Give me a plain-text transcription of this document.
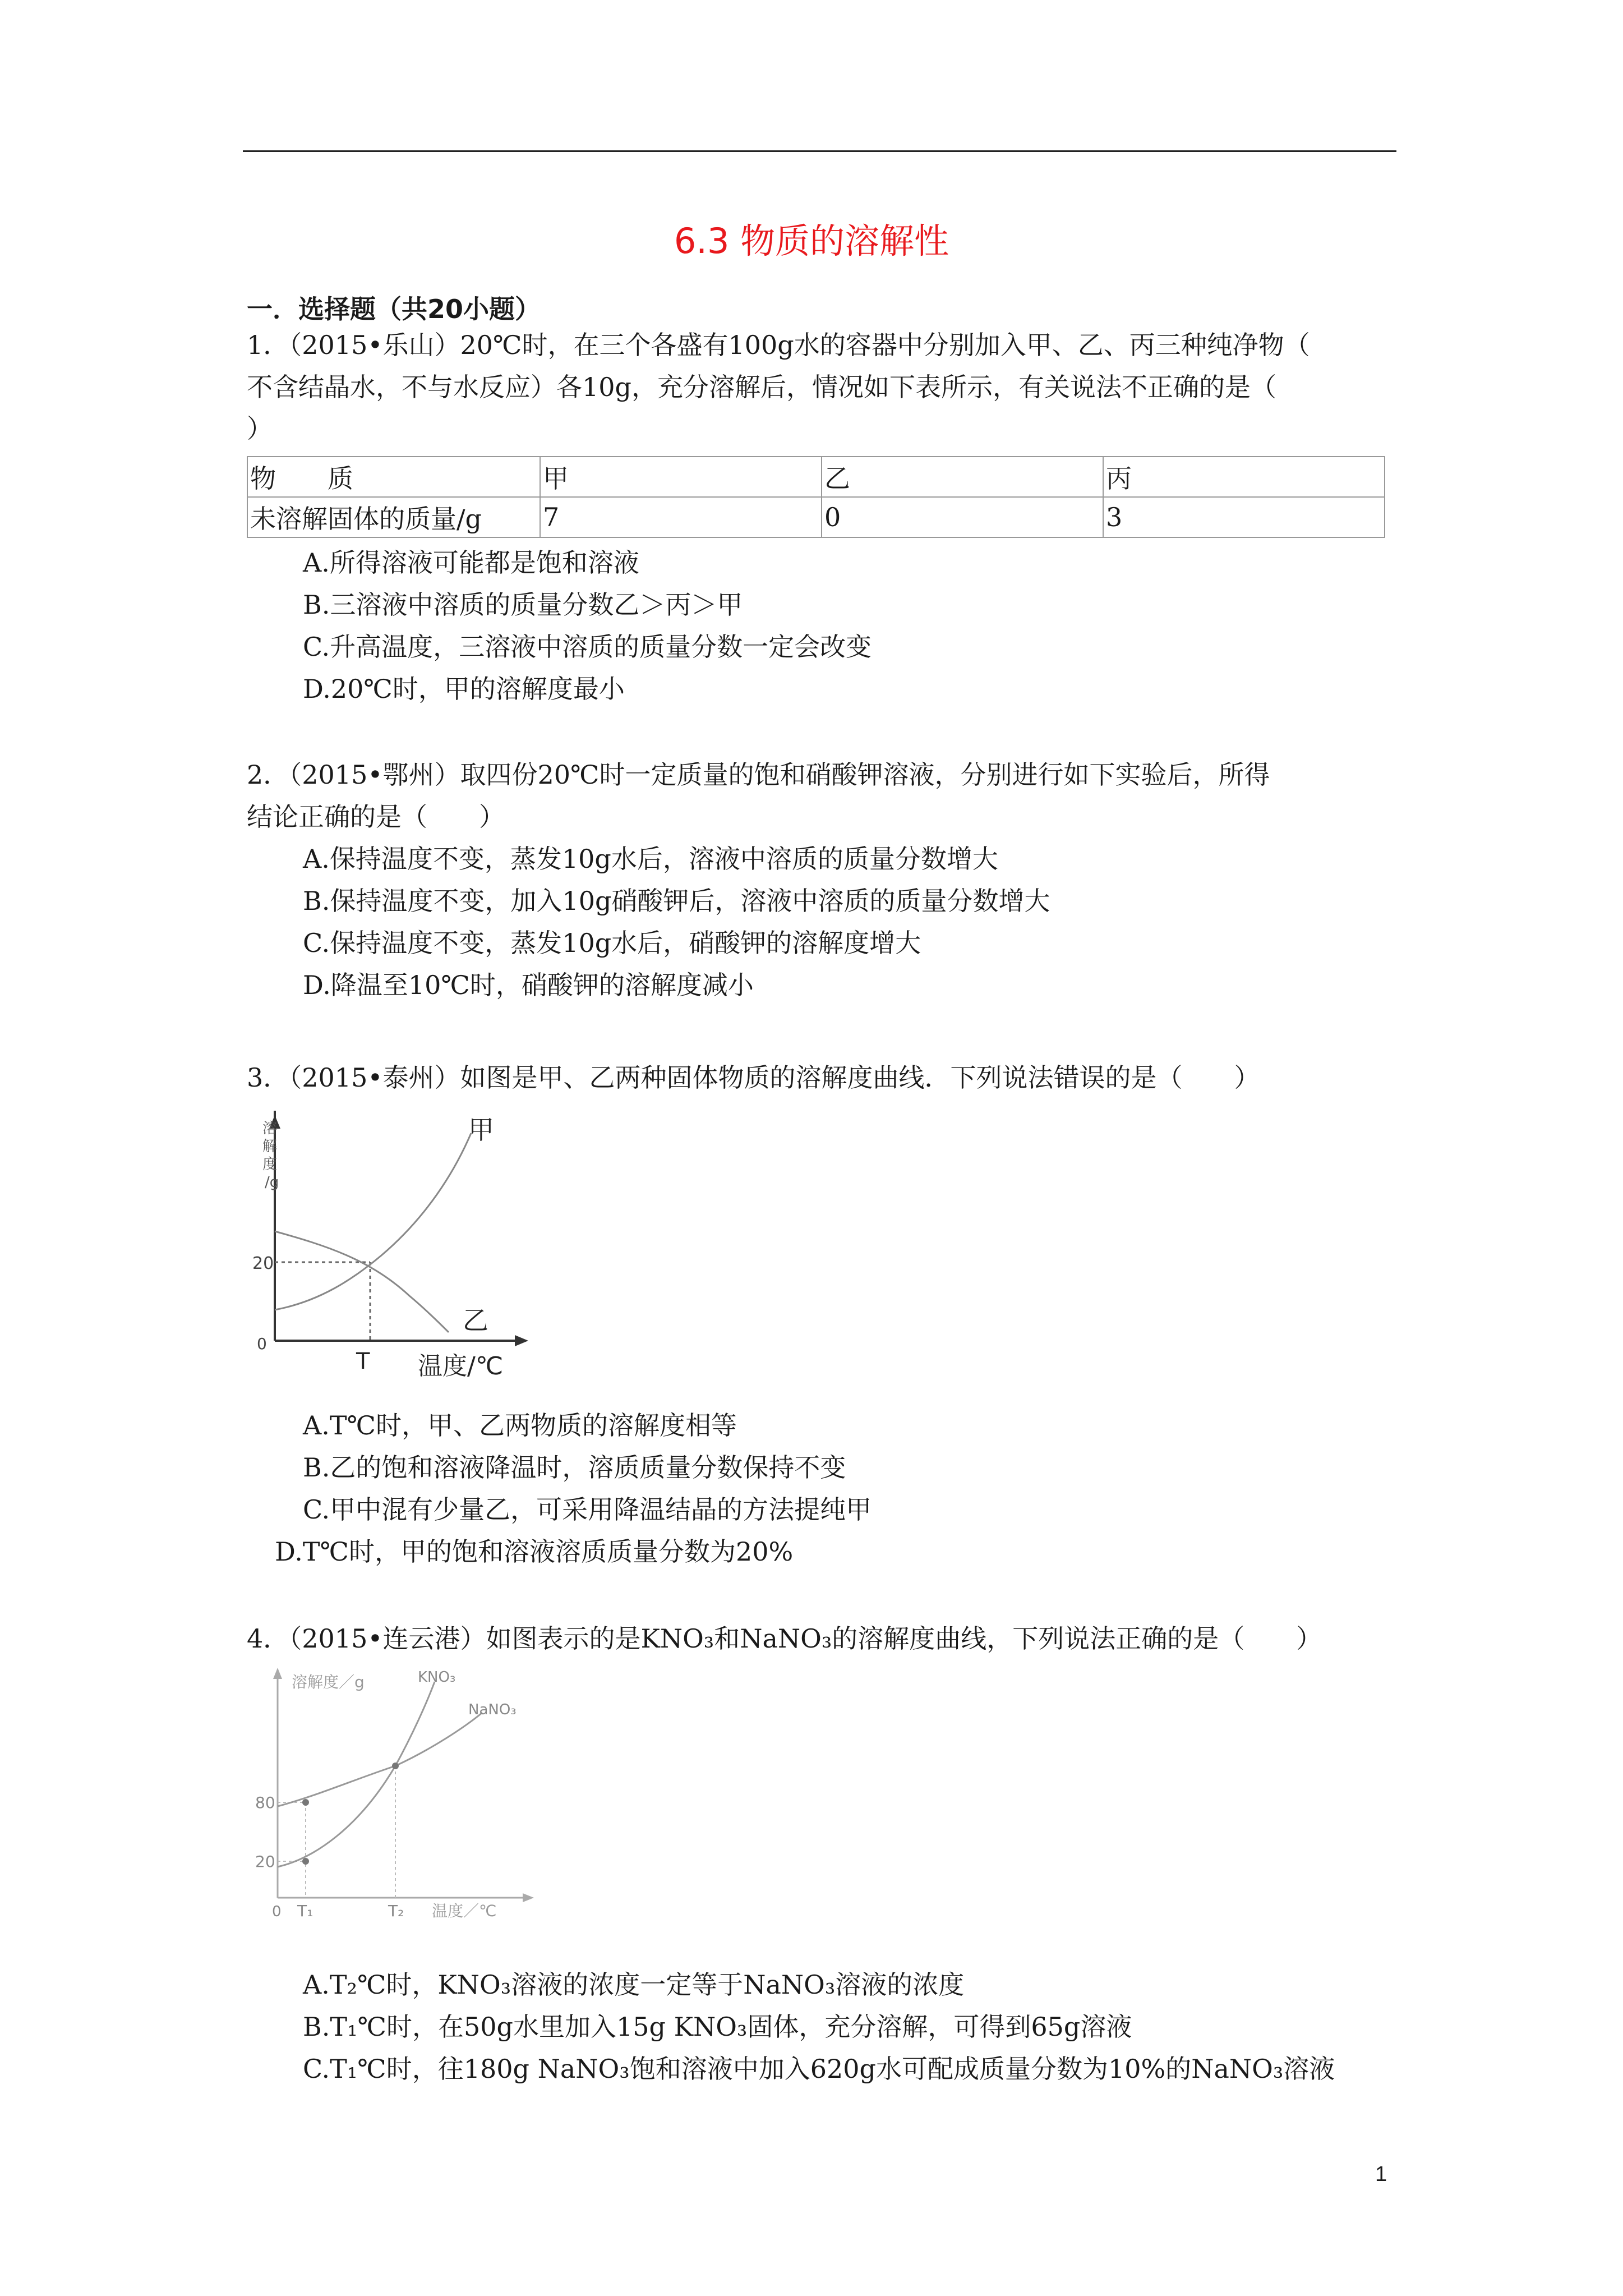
6.3 物质的溶解性
一．选择题（共20小题）
1．（2015•乐山）20℃时，在三个各盛有100g水的容器中分别加入甲、乙、丙三种纯净物（
不含结晶水，不与水反应）各10g，充分溶解后，情况如下表所示，有关说法不正确的是（
）
物　　质	甲	乙	丙
未溶解固体的质量/g	7	0	3
A.所得溶液可能都是饱和溶液
B.三溶液中溶质的质量分数乙＞丙＞甲
C.升高温度，三溶液中溶质的质量分数一定会改变
D.20℃时，甲的溶解度最小
2．（2015•鄂州）取四份20℃时一定质量的饱和硝酸钾溶液，分别进行如下实验后，所得
结论正确的是（　　）
A.保持温度不变，蒸发10g水后，溶液中溶质的质量分数增大
B.保持温度不变，加入10g硝酸钾后，溶液中溶质的质量分数增大
C.保持温度不变，蒸发10g水后，硝酸钾的溶解度增大
D.降温至10℃时，硝酸钾的溶解度减小
3．（2015•泰州）如图是甲、乙两种固体物质的溶解度曲线．下列说法错误的是（　　）
溶
解
度
/g
20
0
T 温度/℃
甲
乙
A.T℃时，甲、乙两物质的溶解度相等
B.乙的饱和溶液降温时，溶质质量分数保持不变
C.甲中混有少量乙，可采用降温结晶的方法提纯甲
D.T℃时，甲的饱和溶液溶质质量分数为20%
4．（2015•连云港）如图表示的是KNO₃和NaNO₃的溶解度曲线，下列说法正确的是（　　）
溶解度／g
80
20
0 T₁	T₂ 温度／℃
KNO₃
NaNO₃
A.T₂℃时，KNO₃溶液的浓度一定等于NaNO₃溶液的浓度
B.T₁℃时，在50g水里加入15g KNO₃固体，充分溶解，可得到65g溶液
C.T₁℃时，往180g NaNO₃饱和溶液中加入620g水可配成质量分数为10%的NaNO₃溶液
1
